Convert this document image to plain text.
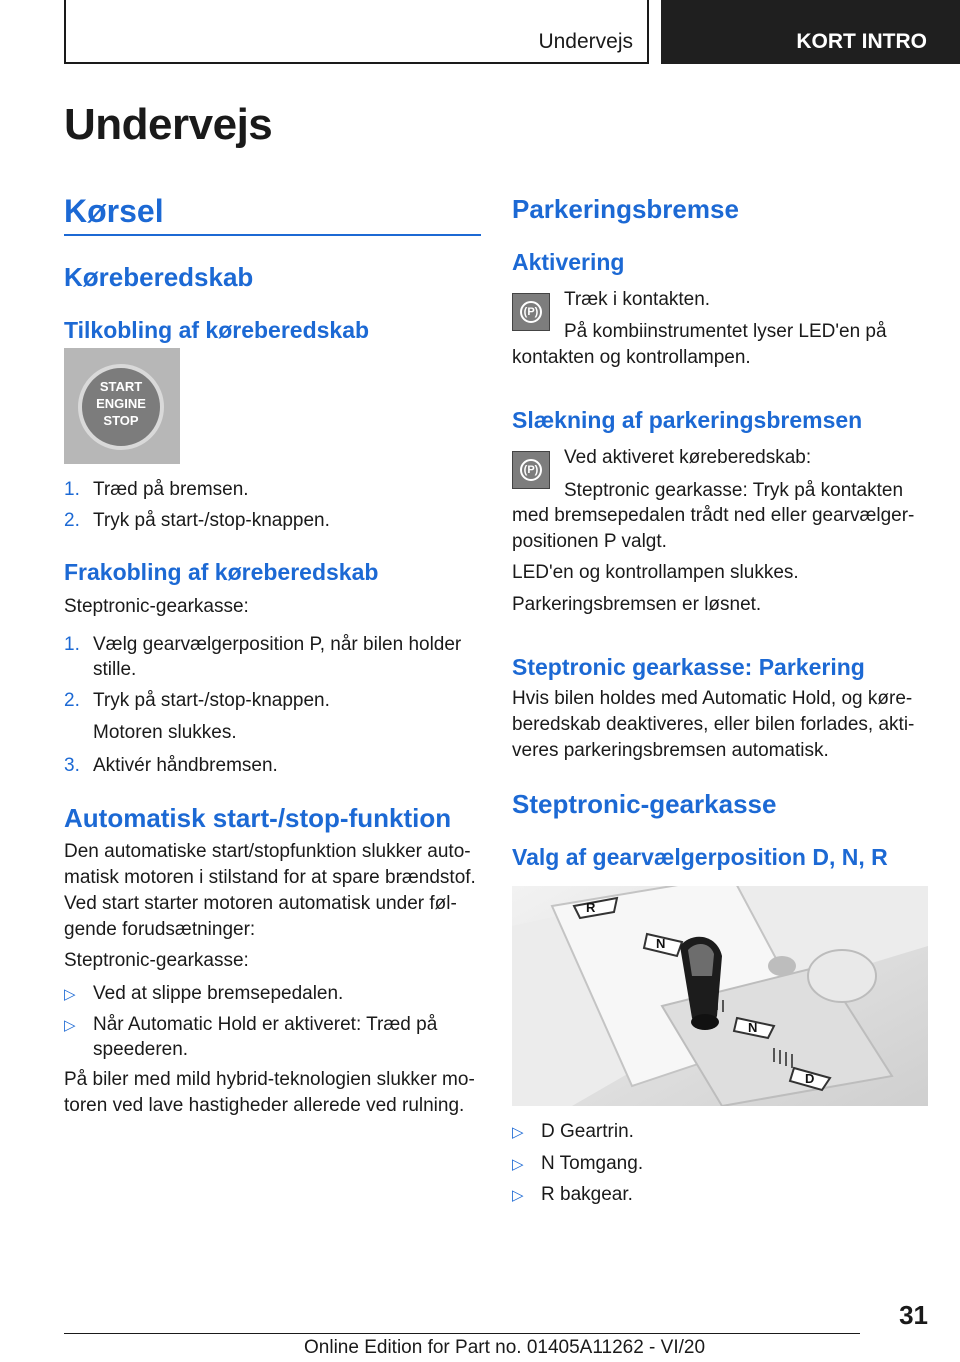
Undervejs	KORT INTRO
Undervejs
Kørsel
Køreberedskab
Tilkobling af køreberedskab
START
ENGINE
STOP

1. Træd på bremsen.

2. Tryk på start-/stop-knappen.

Frakobling af køreberedskab

Steptronic-gearkasse:

1. Vælg gearvælgerposition P, når bilen holder

stille.

2. Tryk på start-/stop-knappen.

Motoren slukkes.

3. Aktivér håndbremsen.

Automatisk start-/stop-funktion

Den automatiske start/stopfunktion slukker auto-

matisk motoren i stilstand for at spare brændstof.

Ved start starter motoren automatisk under føl-

gende forudsætninger:

Steptronic-gearkasse:

▷ Ved at slippe bremsepedalen.

▷ Når Automatic Hold er aktiveret: Træd på

speederen.

På biler med mild hybrid-teknologien slukker mo-

toren ved lave hastigheder allerede ved rulning.

Parkeringsbremse
Aktivering
(P)

Træk i kontakten.

På kombiinstrumentet lyser LED'en på

kontakten og kontrollampen.

Slækning af parkeringsbremsen
(P)

Ved aktiveret køreberedskab:

Steptronic gearkasse: Tryk på kontakten

med bremsepedalen trådt ned eller gearvælger-

positionen P valgt.

LED'en og kontrollampen slukkes.

Parkeringsbremsen er løsnet.

Steptronic gearkasse: Parkering

Hvis bilen holdes med Automatic Hold, og køre-

beredskab deaktiveres, eller bilen forlades, akti-

veres parkeringsbremsen automatisk.

Steptronic-gearkasse
Valg af gearvælgerposition D, N, R
R
N
N
D

▷ D Geartrin.

▷ N Tomgang.

▷ R bakgear.

31
Online Edition for Part no. 01405A11262 - VI/20
